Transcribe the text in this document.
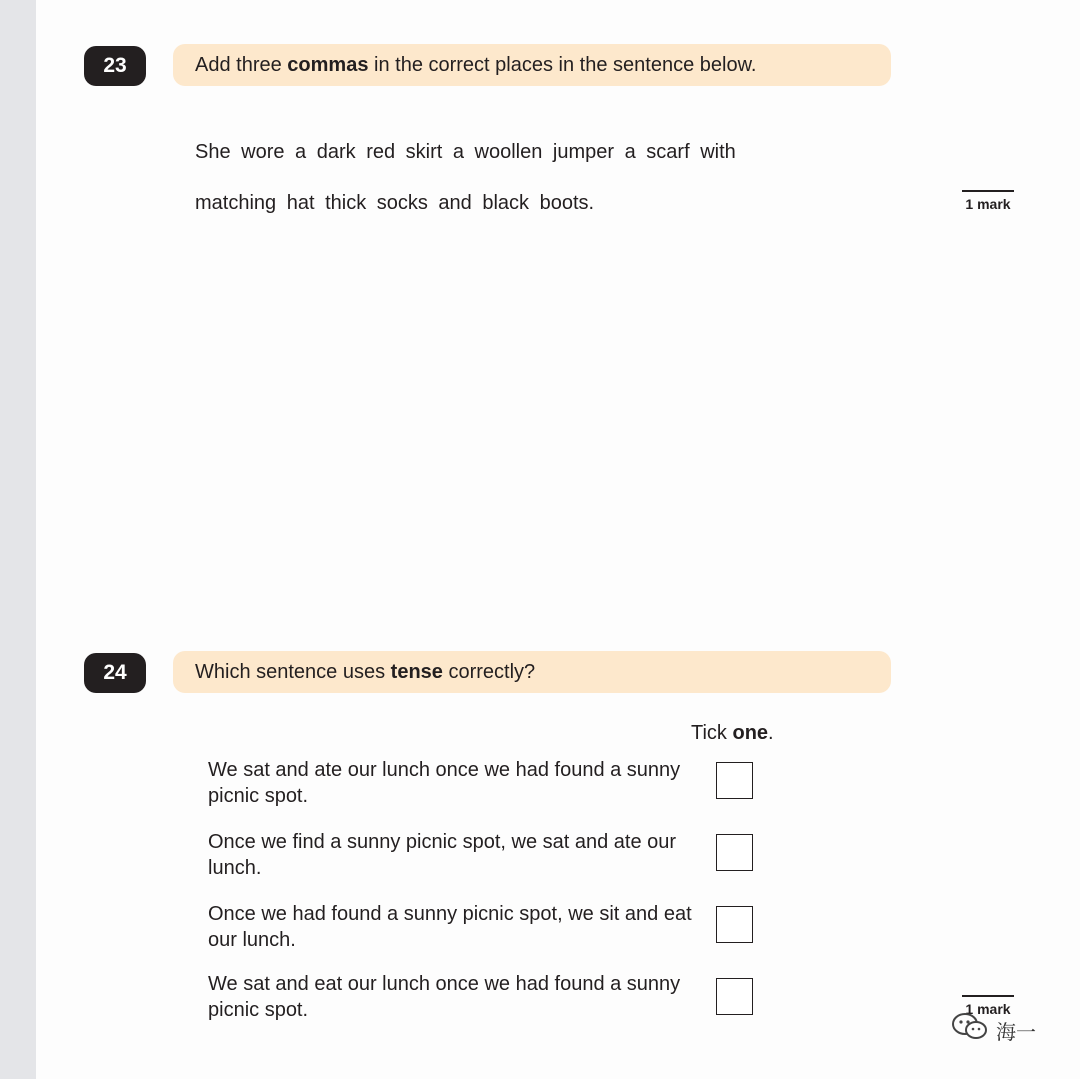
23	Add three commas in the correct places in the sentence below.
She wore a dark red skirt a woollen jumper a scarf with
matching hat thick socks and black boots.	1 mark
24	Which sentence uses tense correctly?
Tick one.
We sat and ate our lunch once we had found a sunny picnic spot.
Once we find a sunny picnic spot, we sat and ate our lunch.
Once we had found a sunny picnic spot, we sit and eat our lunch.
We sat and eat our lunch once we had found a sunny picnic spot.	1 mark
海一
